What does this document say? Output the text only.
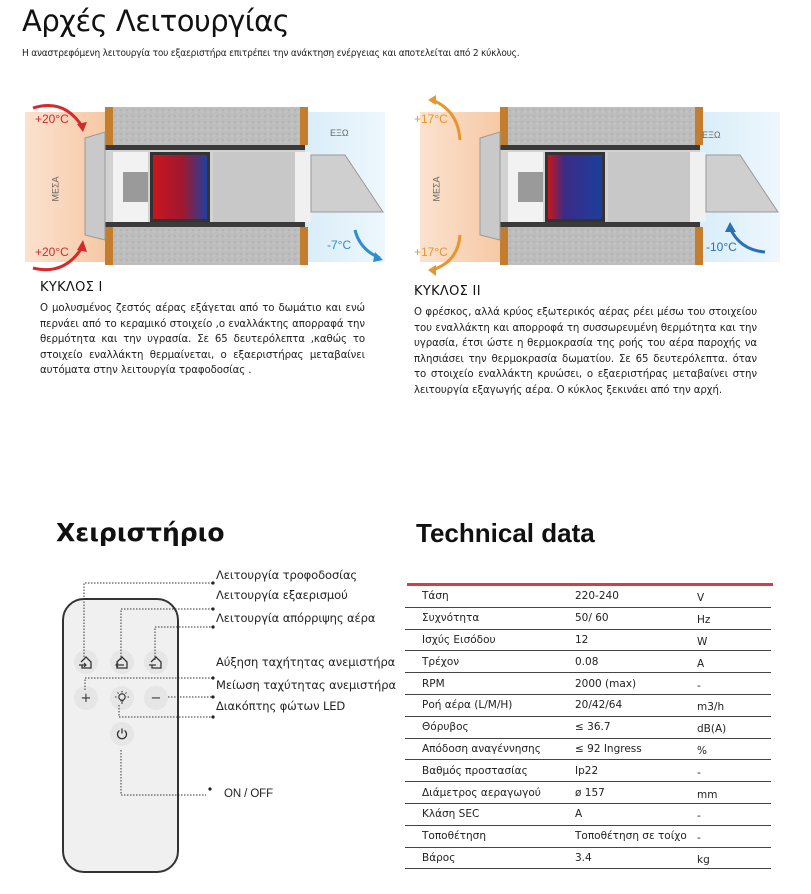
Αρχές Λειτουργίας

Η αναστρεφόμενη λειτουργία του εξαεριστήρα επιτρέπει την ανάκτηση ενέργειας και αποτελείται από 2 κύκλους.

+20°C
+20°C	-7°C
ΕΞΩ
ΜΕΣΑ
+17°C
+17°C	-10°C
ΕΞΩ
ΜΕΣΑ
ΚΥΚΛΟΣ Ι

Ο μολυσμένος ζεστός αέρας εξάγεται από το δωμάτιο και ενώ περνάει από το κεραμικό στοιχείο ,ο εναλλάκτης απορραφά την θερμότητα και την υγρασία. Σε 65 δευτερόλεπτα ,καθώς το στοιχείο εναλλάκτη θερμαίνεται, ο εξαεριστήρας μεταβαίνει αυτόματα στην λειτουργία τραφοδοσίας .

ΚΥΚΛΟΣ ΙΙ

Ο φρέσκος, αλλά κρύος εξωτερικός αέρας ρέει μέσω του στοιχείου του εναλλάκτη και απορροφά τη συσσωρευμένη θερμότητα και την υγρασία, έτσι ώστε η θερμοκρασία της ροής του αέρα παροχής να πλησιάσει την θερμοκρασία δωματίου. Σε 65 δευτερόλεπτα. όταν το στοιχείο εναλλάκτη κρυώσει, ο εξαεριστήρας μεταβαίνει στην λειτουργία εξαγωγής αέρα. Ο κύκλος ξεκινάει από την αρχή.

Χειριστήριο	Technical data
+	−
Λειτουργία τροφοδοσίας
Λειτουργία εξαερισμού
Λειτουργία απόρριψης αέρα
Αύξηση ταχήτητας ανεμιστήρα
Μείωση ταχύτητας ανεμιστήρα
Διακόπτης φώτων LED
ON / OFF
Τάση	220-240	V
Συχνότητα	50/ 60	Hz
Ισχύς Εισόδου	12	W
Τρέχον	0.08	A
RPM	2000 (max)	-
Ροή αέρα (L/M/H)	20/42/64	m3/h
Θόρυβος	≤ 36.7	dB(A)
Απόδοση αναγέννησης	≤ 92 Ingress	%
Βαθμός προστασίας	Ip22	-
Διάμετρος αεραγωγού	ø 157	mm
Κλάση SEC	A	-
Τοποθέτηση	Τοποθέτηση σε τοίχο -
Βάρος	3.4	kg
